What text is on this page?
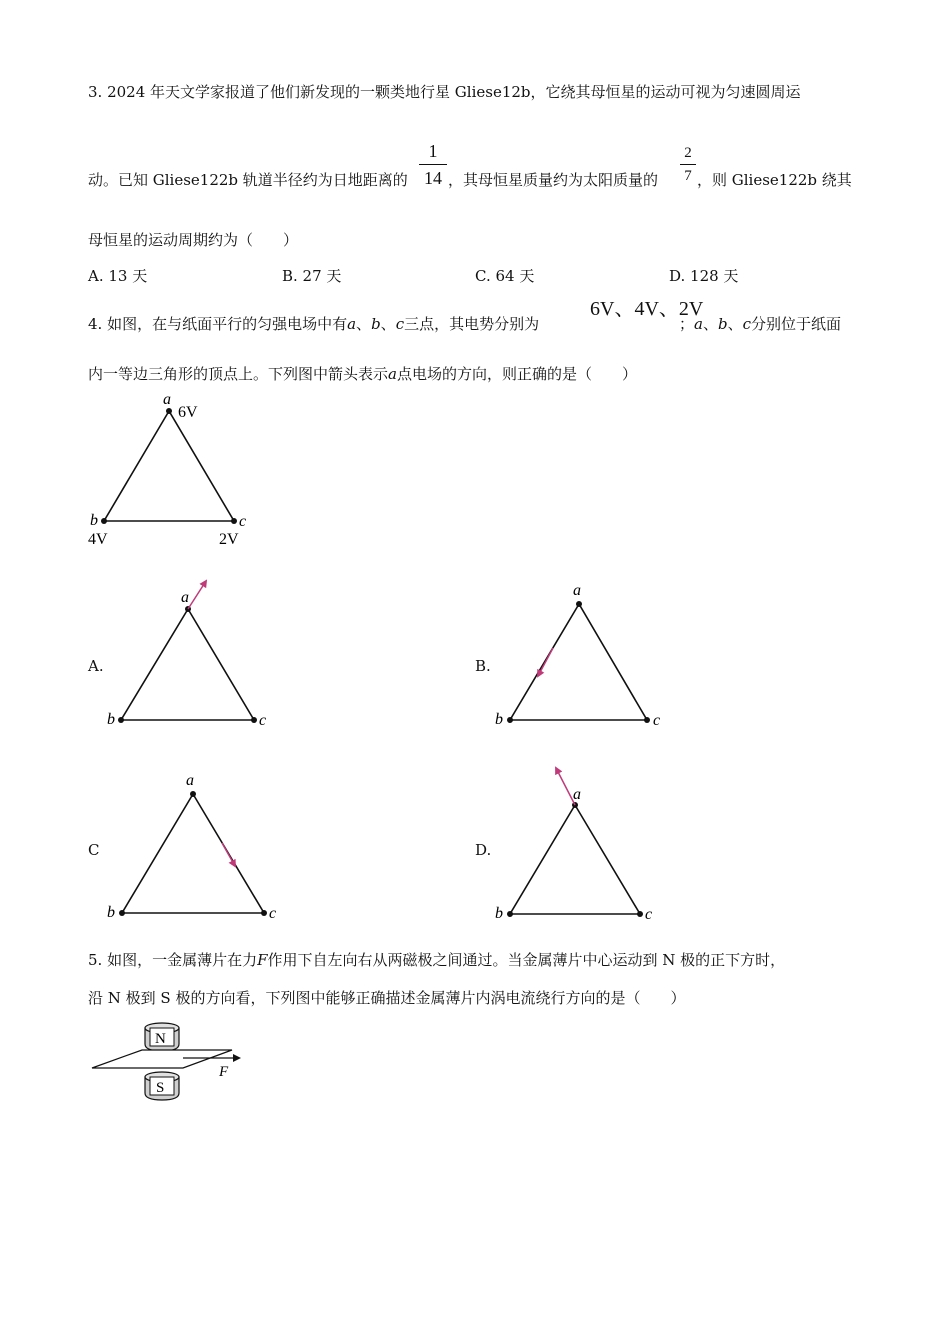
3. 2024 年天文学家报道了他们新发现的一颗类地行星 Gliese12b，它绕其母恒星的运动可视为匀速圆周运
动。已知 Gliese122b 轨道半径约为日地距离的
1
14 ，其母恒星质量约为太阳质量的
2
7 ，则 Gliese122b 绕其
母恒星的运动周期约为（　　）
A. 13 天	B. 27 天	C. 64 天	D. 128 天
4. 如图，在与纸面平行的匀强电场中有a、b、c三点，其电势分别为
6V、4V、2V
；a、b、c分别位于纸面
内一等边三角形的顶点上。下列图中箭头表示a点电场的方向，则正确的是（　　）
a
6V
b
4V
c
2V
a
b	c
a
b	c
a
b	c
a
b	c
N
F
S
A.	B.
C	D.
5. 如图，一金属薄片在力F作用下自左向右从两磁极之间通过。当金属薄片中心运动到 N 极的正下方时，
沿 N 极到 S 极的方向看，下列图中能够正确描述金属薄片内涡电流绕行方向的是（　　）
